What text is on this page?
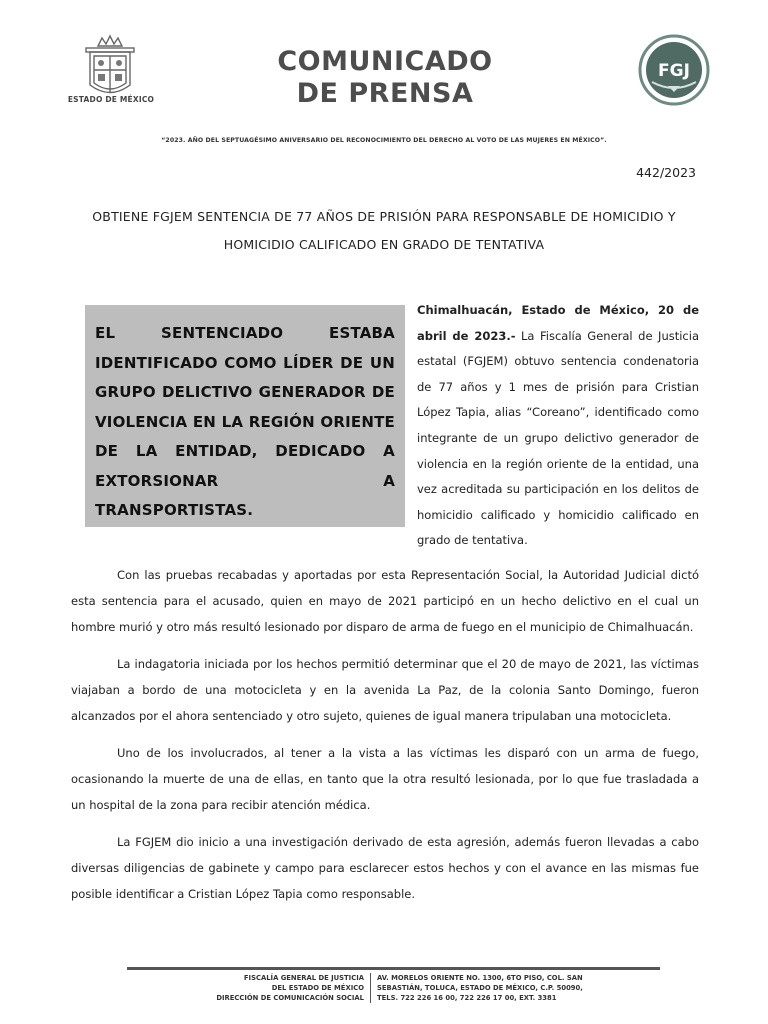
ESTADO DE MÉXICO
COMUNICADO
DE PRENSA
FGJ
“2023. AÑO DEL SEPTUAGÉSIMO ANIVERSARIO DEL RECONOCIMIENTO DEL DERECHO AL VOTO DE LAS MUJERES EN MÉXICO”.
442/2023
OBTIENE FGJEM SENTENCIA DE 77 AÑOS DE PRISIÓN PARA RESPONSABLE DE HOMICIDIO Y HOMICIDIO CALIFICADO EN GRADO DE TENTATIVA
EL SENTENCIADO ESTABA IDENTIFICADO COMO LÍDER DE UN GRUPO DELICTIVO GENERADOR DE VIOLENCIA EN LA REGIÓN ORIENTE DE LA ENTIDAD, DEDICADO A EXTORSIONAR A TRANSPORTISTAS.
Chimalhuacán, Estado de México, 20 de abril de 2023.- La Fiscalía General de Justicia estatal (FGJEM) obtuvo sentencia condenatoria de 77 años y 1 mes de prisión para Cristian López Tapia, alias “Coreano”, identificado como integrante de un grupo delictivo generador de violencia en la región oriente de la entidad, una vez acreditada su participación en los delitos de homicidio calificado y homicidio calificado en grado de tentativa.
Con las pruebas recabadas y aportadas por esta Representación Social, la Autoridad Judicial dictó esta sentencia para el acusado, quien en mayo de 2021 participó en un hecho delictivo en el cual un hombre murió y otro más resultó lesionado por disparo de arma de fuego en el municipio de Chimalhuacán.
La indagatoria iniciada por los hechos permitió determinar que el 20 de mayo de 2021, las víctimas viajaban a bordo de una motocicleta y en la avenida La Paz, de la colonia Santo Domingo, fueron alcanzados por el ahora sentenciado y otro sujeto, quienes de igual manera tripulaban una motocicleta.
Uno de los involucrados, al tener a la vista a las víctimas les disparó con un arma de fuego, ocasionando la muerte de una de ellas, en tanto que la otra resultó lesionada, por lo que fue trasladada a un hospital de la zona para recibir atención médica.
La FGJEM dio inicio a una investigación derivado de esta agresión, además fueron llevadas a cabo diversas diligencias de gabinete y campo para esclarecer estos hechos y con el avance en las mismas fue posible identificar a Cristian López Tapia como responsable.
FISCALÍA GENERAL DE JUSTICIA
DEL ESTADO DE MÉXICO
DIRECCIÓN DE COMUNICACIÓN SOCIAL
AV. MORELOS ORIENTE NO. 1300, 6TO PISO, COL. SAN
SEBASTIÁN, TOLUCA, ESTADO DE MÉXICO, C.P. 50090,
TELS. 722 226 16 00, 722 226 17 00, EXT. 3381
